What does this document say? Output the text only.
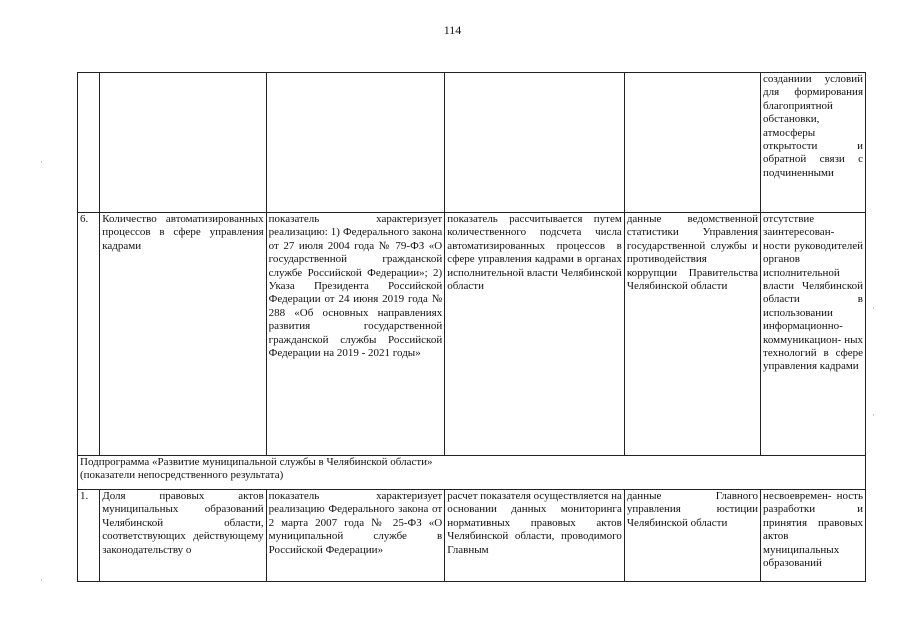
114
					созданиии условий для формирования благоприятной обстановки, атмосферы открытости и обратной связи с подчиненными
6.	Количество автоматизированных процессов в сфере управления кадрами	показатель характеризует реализацию: 1) Федерального закона от 27 июля 2004 года № 79-ФЗ «О государственной гражданской службе Российской Федерации»; 2) Указа Президента Российской Федерации от 24 июня 2019 года № 288 «Об основных направлениях развития государственной гражданской службы Российской Федерации на 2019 - 2021 годы»	показатель рассчитывается путем количественного подсчета числа автоматизированных процессов в сфере управления кадрами в органах исполнительной власти Челябинской области	данные ведомственной статистики Управления государственной службы и противодействия коррупции Правительства Челябинской области	отсутствие заинтересован- ности руководителей органов исполнительной власти Челябинской области в использовании информационно- коммуникацион- ных технологий в сфере управления кадрами

Подпрограмма «Развитие муниципальной службы в Челябинской области»
(показатели непосредственного результата)					

1.	Доля правовых актов муниципальных образований Челябинской области, соответствующих действующему законодательству о	показатель характеризует реализацию Федерального закона от 2 марта 2007 года № 25-ФЗ «О муниципальной службе в Российской Федерации»	расчет показателя осуществляется на основании данных мониторинга нормативных правовых актов Челябинской области, проводимого Главным	данные Главного управления юстиции Челябинской области	несвоевремен- ность разработки и принятия правовых актов муниципальных образований
·
·
·
·
